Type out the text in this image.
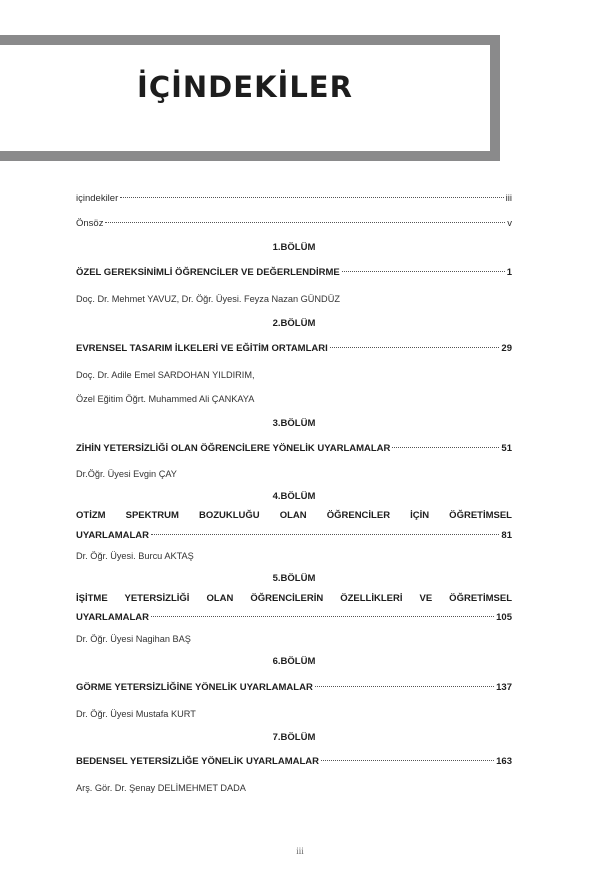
İÇİNDEKİLER
içindekiler	iii
Önsöz	v
1.BÖLÜM
ÖZEL GEREKSİNİMLİ ÖĞRENCİLER VE DEĞERLENDİRME	1
Doç. Dr. Mehmet YAVUZ, Dr. Öğr. Üyesi. Feyza Nazan GÜNDÜZ
2.BÖLÜM
EVRENSEL TASARIM İLKELERİ VE EĞİTİM ORTAMLARI	29
Doç. Dr. Adile Emel SARDOHAN YILDIRIM,
Özel Eğitim Öğrt. Muhammed Ali ÇANKAYA
3.BÖLÜM
ZİHİN YETERSİZLİĞİ OLAN ÖĞRENCİLERE YÖNELİK UYARLAMALAR	51
Dr.Öğr. Üyesi Evgin ÇAY
4.BÖLÜM
OTİZM SPEKTRUM BOZUKLUĞU OLAN ÖĞRENCİLER İÇİN ÖĞRETİMSEL
UYARLAMALAR	81
Dr. Öğr. Üyesi. Burcu AKTAŞ
5.BÖLÜM
İŞİTME YETERSİZLİĞİ OLAN ÖĞRENCİLERİN ÖZELLİKLERİ VE ÖĞRETİMSEL
UYARLAMALAR	105
Dr. Öğr. Üyesi Nagihan BAŞ
6.BÖLÜM
GÖRME YETERSİZLİĞİNE YÖNELİK UYARLAMALAR	137
Dr. Öğr. Üyesi Mustafa KURT
7.BÖLÜM
BEDENSEL YETERSİZLİĞE YÖNELİK UYARLAMALAR	163
Arş. Gör. Dr. Şenay DELİMEHMET DADA
iii
